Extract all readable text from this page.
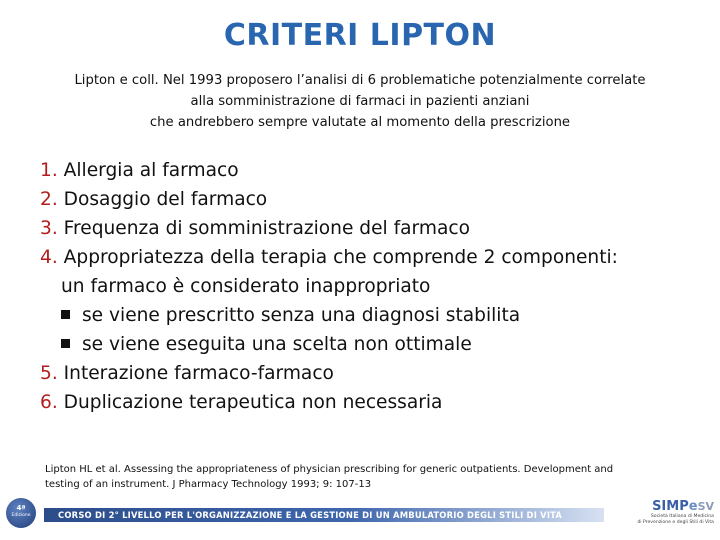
CRITERI LIPTON
Lipton e coll. Nel 1993 proposero l’analisi di 6 problematiche potenzialmente correlate
alla somministrazione di farmaci in pazienti anziani
che andrebbero sempre valutate al momento della prescrizione
1. Allergia al farmaco
2. Dosaggio del farmaco
3. Frequenza di somministrazione del farmaco
4. Appropriatezza della terapia che comprende 2 componenti:
un farmaco è considerato inappropriato
se viene prescritto senza una diagnosi stabilita
se viene eseguita una scelta non ottimale
5. Interazione farmaco-farmaco
6. Duplicazione terapeutica non necessaria
Lipton HL et al. Assessing the appropriateness of physician prescribing for generic outpatients. Development and
testing of an instrument. J Pharmacy Technology 1993; 9: 107-13
4ª
Edizione	CORSO DI 2° LIVELLO PER L'ORGANIZZAZIONE E LA GESTIONE DI UN AMBULATORIO DEGLI STILI DI VITA
SIMPeSV
Società Italiana di Medicina
di Prevenzione e degli Stili di Vita
